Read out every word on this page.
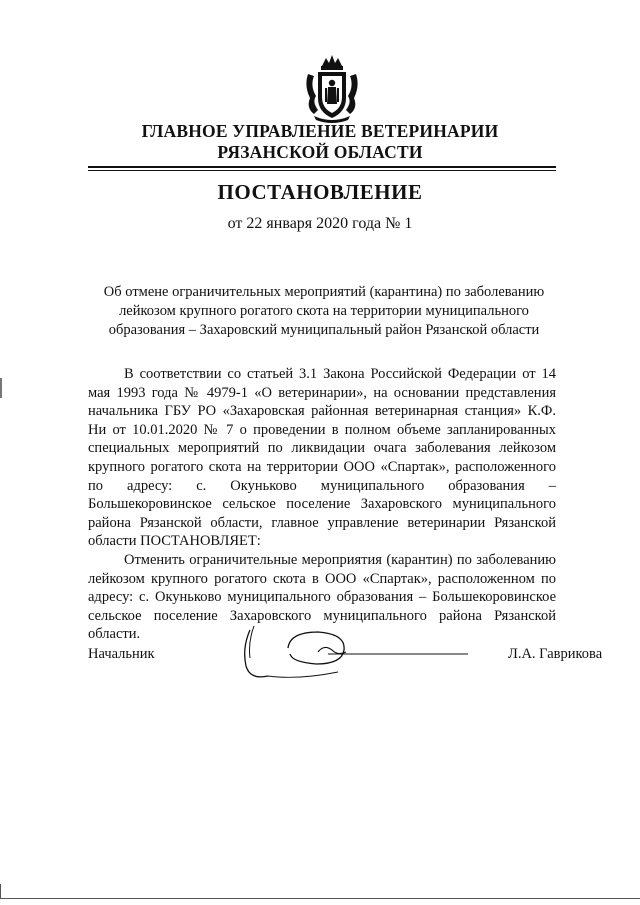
ГЛАВНОЕ УПРАВЛЕНИЕ ВЕТЕРИНАРИИ
РЯЗАНСКОЙ ОБЛАСТИ
ПОСТАНОВЛЕНИЕ
от 22 января 2020 года № 1
Об отмене ограничительных мероприятий (карантина) по заболеванию
лейкозом крупного рогатого скота на территории муниципального
образования – Захаровский муниципальный район Рязанской области

В соответствии со статьей 3.1 Закона Российской Федерации от 14 мая 1993 года № 4979-1 «О ветеринарии», на основании представления начальника ГБУ РО «Захаровская районная ветеринарная станция» К.Ф. Ни от 10.01.2020 № 7 о проведении в полном объеме запланированных специальных мероприятий по ликвидации очага заболевания лейкозом крупного рогатого скота на территории ООО «Спартак», расположенного по адресу: с. Окуньково муниципального образования – Большекоровинское сельское поселение Захаровского муниципального района Рязанской области, главное управление ветеринарии Рязанской области ПОСТАНОВЛЯЕТ:

Отменить ограничительные мероприятия (карантин) по заболеванию лейкозом крупного рогатого скота в ООО «Спартак», расположенном по адресу: с. Окуньково муниципального образования – Большекоровинское сельское поселение Захаровского муниципального района Рязанской области.

Начальник	Л.А. Гаврикова
